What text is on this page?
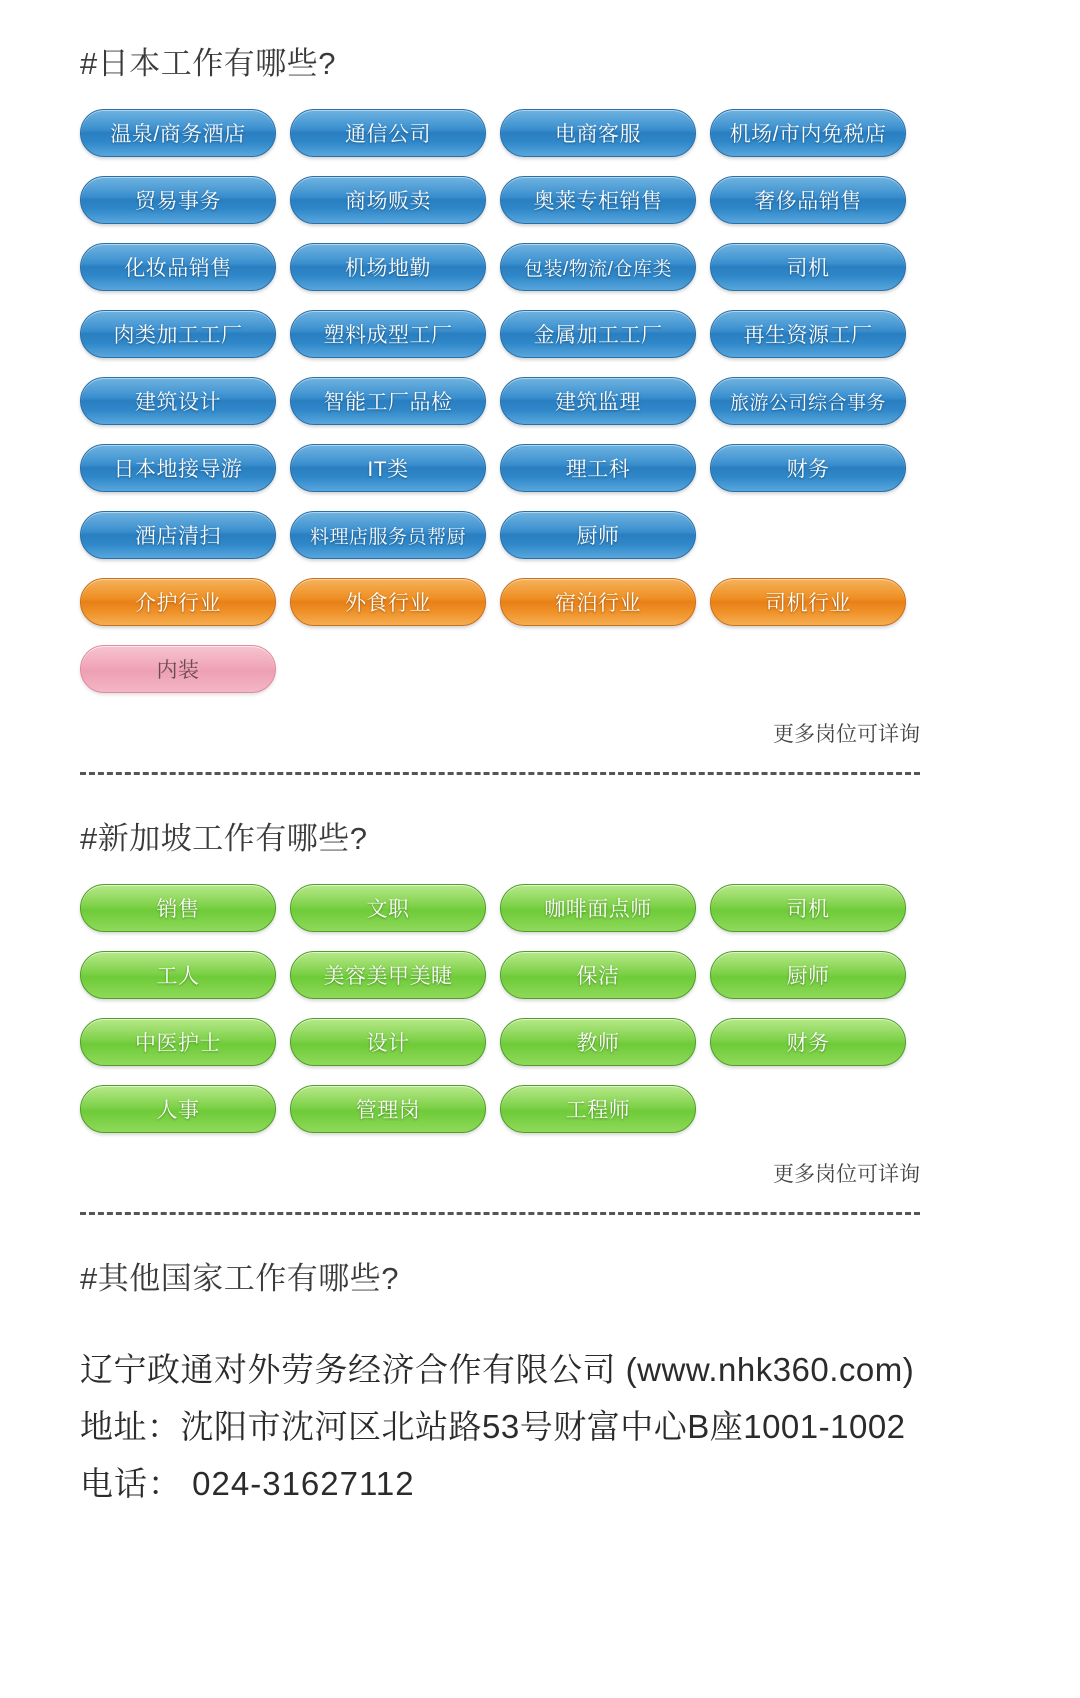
#日本工作有哪些?
温泉/商务酒店	通信公司	电商客服	机场/市内免税店
贸易事务	商场贩卖	奥莱专柜销售	奢侈品销售
化妆品销售	机场地勤	包装/物流/仓库类	司机
肉类加工工厂	塑料成型工厂	金属加工工厂	再生资源工厂
建筑设计	智能工厂品检	建筑监理	旅游公司综合事务
日本地接导游	IT类	理工科	财务
酒店清扫	料理店服务员帮厨	厨师
介护行业	外食行业	宿泊行业	司机行业
内装
更多岗位可详询
#新加坡工作有哪些?
销售	文职	咖啡面点师	司机
工人	美容美甲美睫	保洁	厨师
中医护士	设计	教师	财务
人事	管理岗	工程师
更多岗位可详询
#其他国家工作有哪些?
辽宁政通对外劳务经济合作有限公司 (www.nhk360.com)
地址：沈阳市沈河区北站路53号财富中心B座1001-1002
电话： 024-31627112
